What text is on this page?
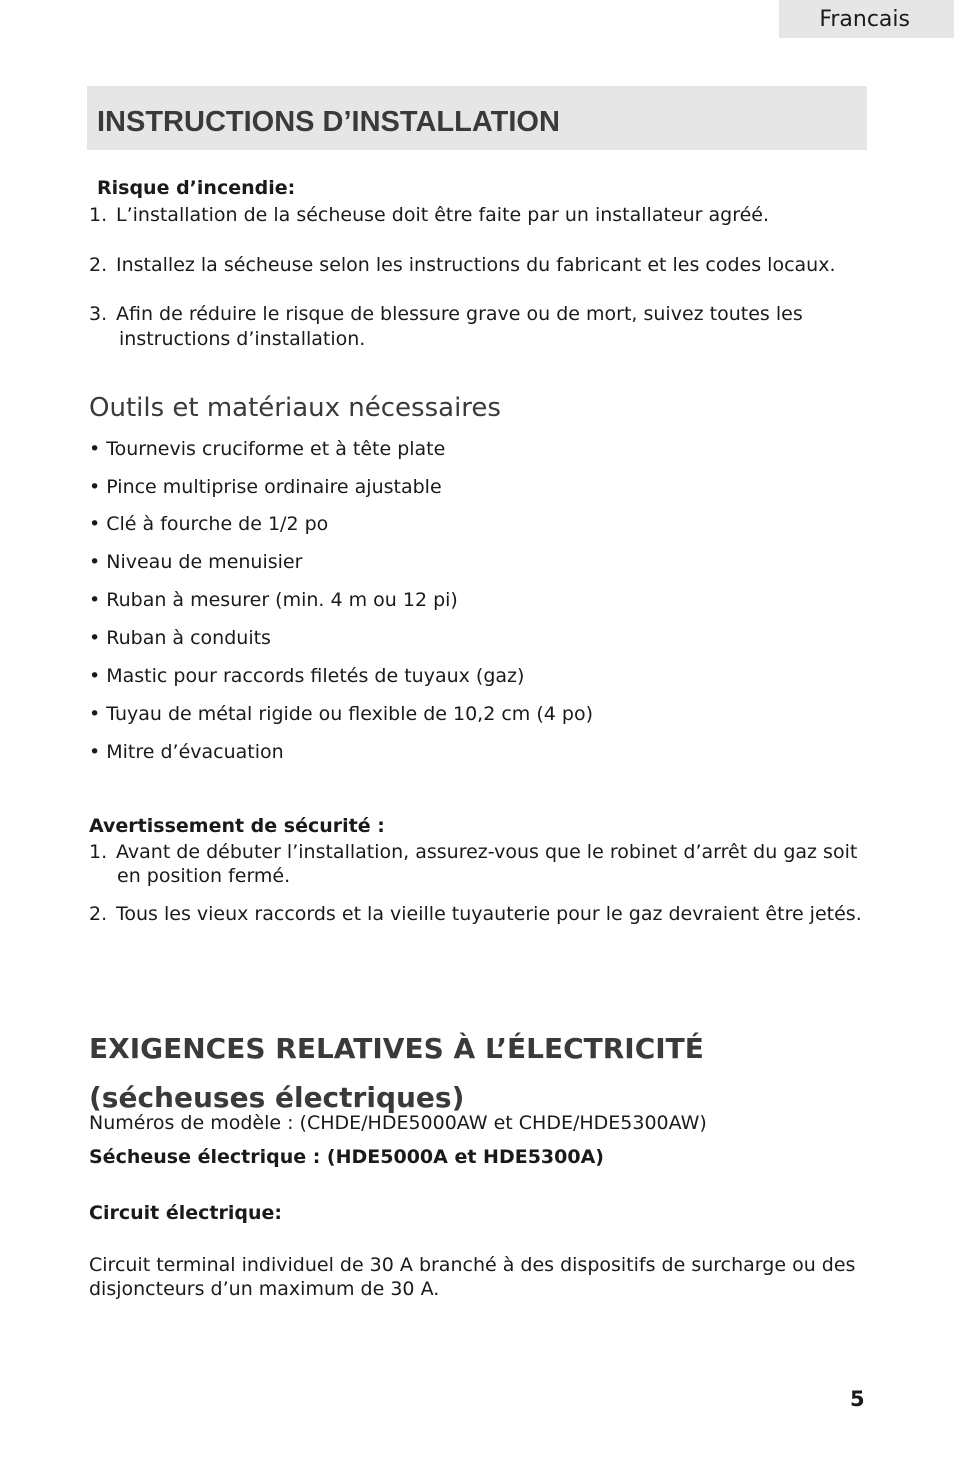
Francais
INSTRUCTIONS D’INSTALLATION
Risque d’incendie:
1. L’installation de la sécheuse doit être faite par un installateur agréé.
2. Installez la sécheuse selon les instructions du fabricant et les codes locaux.
3. Afin de réduire le risque de blessure grave ou de mort, suivez toutes les
instructions d’installation.
Outils et matériaux nécessaires
• Tournevis cruciforme et à tête plate
• Pince multiprise ordinaire ajustable
• Clé à fourche de 1/2 po
• Niveau de menuisier
• Ruban à mesurer (min. 4 m ou 12 pi)
• Ruban à conduits
• Mastic pour raccords filetés de tuyaux (gaz)
• Tuyau de métal rigide ou flexible de 10,2 cm (4 po)
• Mitre d’évacuation
Avertissement de sécurité :
1. Avant de débuter l’installation, assurez-vous que le robinet d’arrêt du gaz soit
en position fermé.
2. Tous les vieux raccords et la vieille tuyauterie pour le gaz devraient être jetés.
EXIGENCES RELATIVES À L’ÉLECTRICITÉ
(sécheuses électriques)
Numéros de modèle : (CHDE/HDE5000AW et CHDE/HDE5300AW)
Sécheuse électrique : (HDE5000A et HDE5300A)
Circuit électrique:
Circuit terminal individuel de 30 A branché à des dispositifs de surcharge ou des
disjoncteurs d’un maximum de 30 A.
5
